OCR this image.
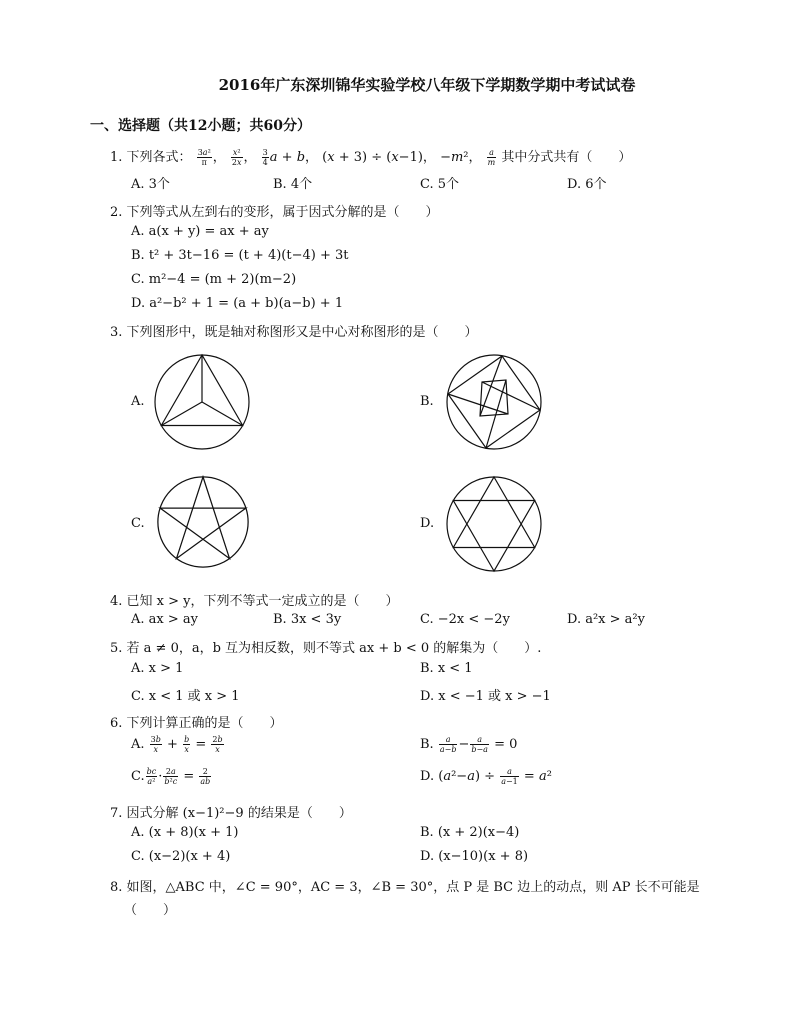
2016年广东深圳锦华实验学校八年级下学期数学期中考试试卷
一、选择题（共12小题；共60分）
1. 下列各式： $\frac{\text{3a²}}{\pi}$ ， $\frac{\text{x²}}{2x}$ ， $\frac{3}{4}$ a + b， (x + 3) ÷ (x−1)， −m²， $\frac{a}{m}$ 其中分式共有（　　）
A. 3个	B. 4个	C. 5个	D. 6个
2. 下列等式从左到右的变形，属于因式分解的是（　　）
A. a(x + y) = ax + ay
B. t² + 3t−16 = (t + 4)(t−4) + 3t
C. m²−4 = (m + 2)(m−2)
D. a²−b² + 1 = (a + b)(a−b) + 1
3. 下列图形中，既是轴对称图形又是中心对称图形的是（　　）
A.	B.
C.	D.
4. 已知 x > y，下列不等式一定成立的是（　　）
A. ax > ay	B. 3x < 3y	C. −2x < −2y	D. a²x > a²y
5. 若 a ≠ 0，a，b 互为相反数，则不等式 ax + b < 0 的解集为（　　）.
A. x > 1	B. x < 1
C. x < 1 或 x > 1	D. x < −1 或 x > −1
6. 下列计算正确的是（　　）
A. $\frac{3b}{x} + \frac{b}{x} = \frac{2b}{x}$	B. $\frac{a}{a-b} - \frac{a}{b-a} = 0$
C. $\frac{bc}{\text{a²}} \cdot \frac{2a}{\text{b²c}} = \frac{2}{ab}$	D. $(a^2-a) \div \frac{a}{a-1} = a^2$
7. 因式分解 (x−1)²−9 的结果是（　　）
A. (x + 8)(x + 1)	B. (x + 2)(x−4)
C. (x−2)(x + 4)	D. (x−10)(x + 8)
8. 如图，△ABC 中，∠C = 90°，AC = 3，∠B = 30°，点 P 是 BC 边上的动点，则 AP 长不可能是
（　　）
